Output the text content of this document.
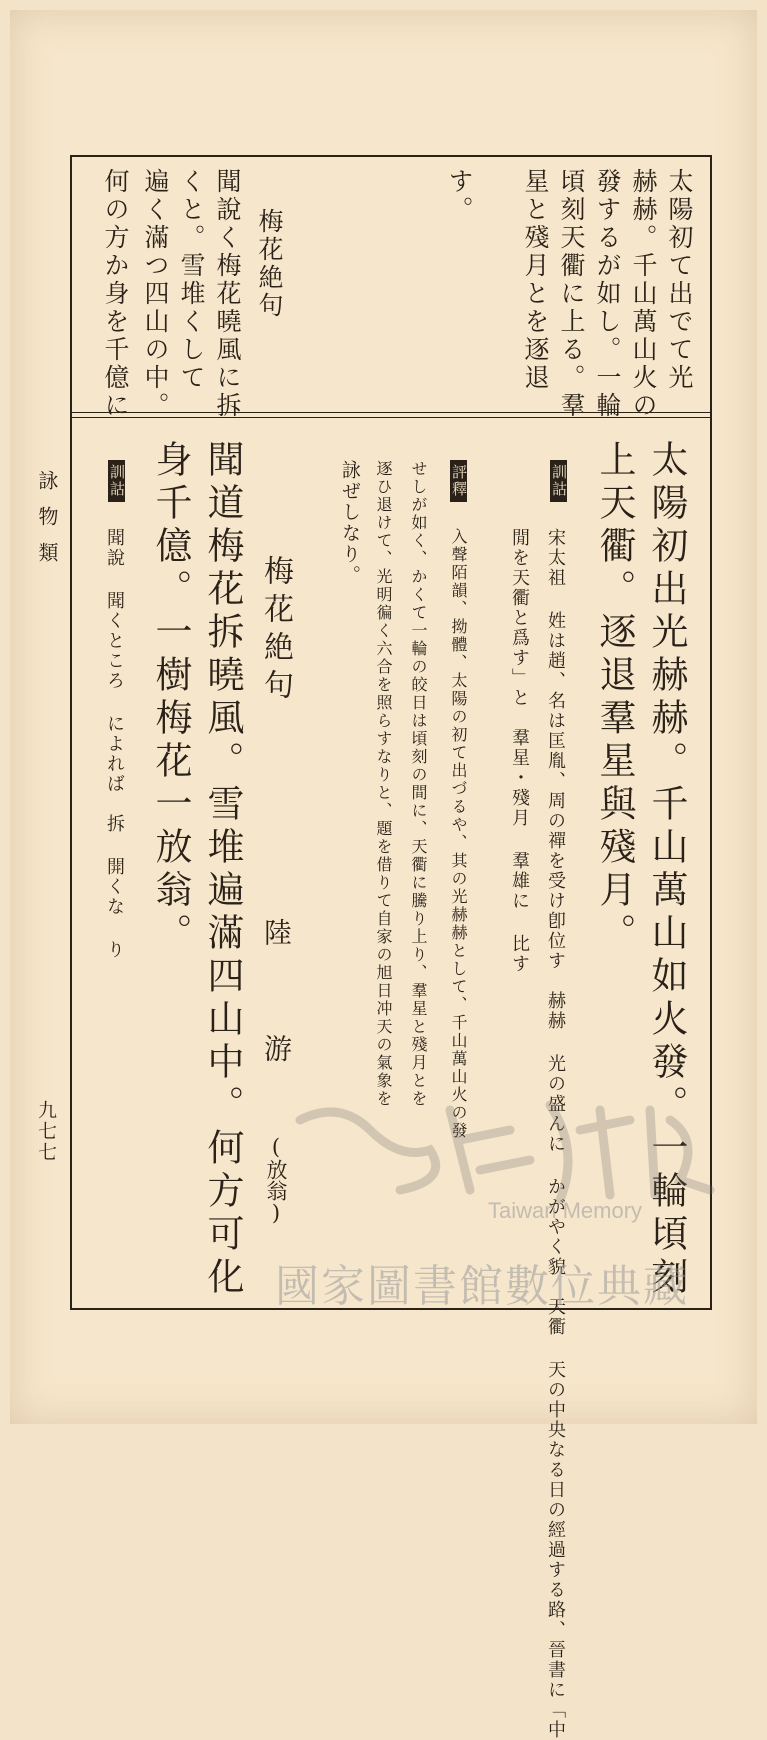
詠物類
九七七
太陽初て出でて光
赫赫。千山萬山火の
發するが如し。一輪
頃刻天衢に上る。羣
星と殘月とを逐退
す。
梅花絶句
聞說く梅花曉風に拆
くと。雪堆くして
遍く滿つ四山の中。
何の方か身を千億に
太陽初出光赫赫。千山萬山如火發。一輪頃刻
上天衢。逐退羣星與殘月。
訓詁
宋太祖 姓は趙、名は匡胤、周の禪を受け卽位す　赫赫 光の盛んに かがやく貌　天衢 天の中央なる日の經過する路、晉書に「中
閒を天衢と爲す」と　羣星・殘月 羣雄に 比す
評釋
入聲陌韻、拗體、太陽の初て出づるや、其の光赫赫として、千山萬山火の發
せしが如く、かくて一輪の皎日は頃刻の間に、天衢に騰り上り、羣星と殘月とを
逐ひ退けて、光明徧く六合を照らすなりと、題を借りて自家の旭日冲天の氣象を
詠ぜしなり。
梅花絶句
陸　游
(放翁)
聞道梅花拆曉風。雪堆遍滿四山中。何方可化
身千億。一樹梅花一放翁。
訓詁
聞說 聞くところ によれば　拆 開くな り
Taiwan Memory
國家圖書館數位典藏
